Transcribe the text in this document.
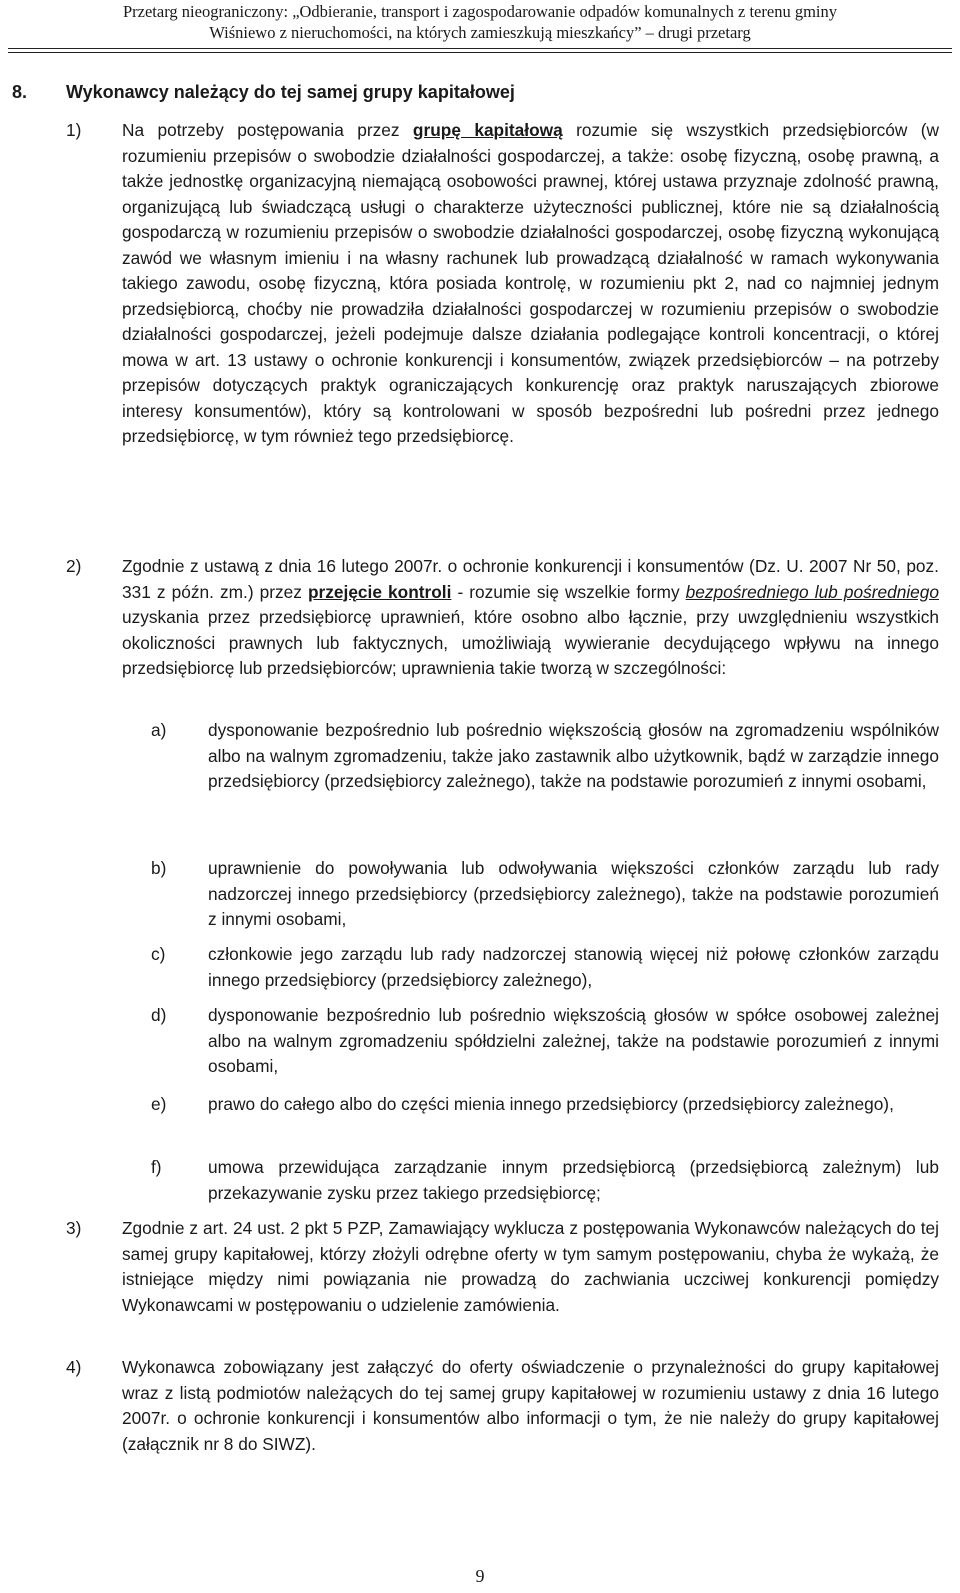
Przetarg nieograniczony: „Odbieranie, transport i zagospodarowanie odpadów komunalnych z terenu gminy
Wiśniewo z nieruchomości, na których zamieszkują mieszkańcy” – drugi przetarg
8. Wykonawcy należący do tej samej grupy kapitałowej
1) Na potrzeby postępowania przez grupę kapitałową rozumie się wszystkich przedsiębiorców (w rozumieniu przepisów o swobodzie działalności gospodarczej, a także: osobę fizyczną, osobę prawną, a także jednostkę organizacyjną niemającą osobowości prawnej, której ustawa przyznaje zdolność prawną, organizującą lub świadczącą usługi o charakterze użyteczności publicznej, które nie są działalnością gospodarczą w rozumieniu przepisów o swobodzie działalności gospodarczej, osobę fizyczną wykonującą zawód we własnym imieniu i na własny rachunek lub prowadzącą działalność w ramach wykonywania takiego zawodu, osobę fizyczną, która posiada kontrolę, w rozumieniu pkt 2, nad co najmniej jednym przedsiębiorcą, choćby nie prowadziła działalności gospodarczej w rozumieniu przepisów o swobodzie działalności gospodarczej, jeżeli podejmuje dalsze działania podlegające kontroli koncentracji, o której mowa w art. 13 ustawy o ochronie konkurencji i konsumentów, związek przedsiębiorców – na potrzeby przepisów dotyczących praktyk ograniczających konkurencję oraz praktyk naruszających zbiorowe interesy konsumentów), który są kontrolowani w sposób bezpośredni lub pośredni przez jednego przedsiębiorcę, w tym również tego przedsiębiorcę.
2) Zgodnie z ustawą z dnia 16 lutego 2007r. o ochronie konkurencji i konsumentów (Dz. U. 2007 Nr 50, poz. 331 z późn. zm.) przez przejęcie kontroli - rozumie się wszelkie formy bezpośredniego lub pośredniego uzyskania przez przedsiębiorcę uprawnień, które osobno albo łącznie, przy uwzględnieniu wszystkich okoliczności prawnych lub faktycznych, umożliwiają wywieranie decydującego wpływu na innego przedsiębiorcę lub przedsiębiorców; uprawnienia takie tworzą w szczególności:
a) dysponowanie bezpośrednio lub pośrednio większością głosów na zgromadzeniu wspólników albo na walnym zgromadzeniu, także jako zastawnik albo użytkownik, bądź w zarządzie innego przedsiębiorcy (przedsiębiorcy zależnego), także na podstawie porozumień z innymi osobami,
b) uprawnienie do powoływania lub odwoływania większości członków zarządu lub rady nadzorczej innego przedsiębiorcy (przedsiębiorcy zależnego), także na podstawie porozumień z innymi osobami,
c) członkowie jego zarządu lub rady nadzorczej stanowią więcej niż połowę członków zarządu innego przedsiębiorcy (przedsiębiorcy zależnego),
d) dysponowanie bezpośrednio lub pośrednio większością głosów w spółce osobowej zależnej albo na walnym zgromadzeniu spółdzielni zależnej, także na podstawie porozumień z innymi osobami,
e) prawo do całego albo do części mienia innego przedsiębiorcy (przedsiębiorcy zależnego),
f)	umowa przewidująca zarządzanie innym przedsiębiorcą (przedsiębiorcą zależnym) lub przekazywanie zysku przez takiego przedsiębiorcę;
3) Zgodnie z art. 24 ust. 2 pkt 5 PZP, Zamawiający wyklucza z postępowania Wykonawców należących do tej samej grupy kapitałowej, którzy złożyli odrębne oferty w tym samym postępowaniu, chyba że wykażą, że istniejące między nimi powiązania nie prowadzą do zachwiania uczciwej konkurencji pomiędzy Wykonawcami w postępowaniu o udzielenie zamówienia.
4) Wykonawca zobowiązany jest załączyć do oferty oświadczenie o przynależności do grupy kapitałowej wraz z listą podmiotów należących do tej samej grupy kapitałowej w rozumieniu ustawy z dnia 16 lutego 2007r. o ochronie konkurencji i konsumentów albo informacji o tym, że nie należy do grupy kapitałowej (załącznik nr 8 do SIWZ).
9
